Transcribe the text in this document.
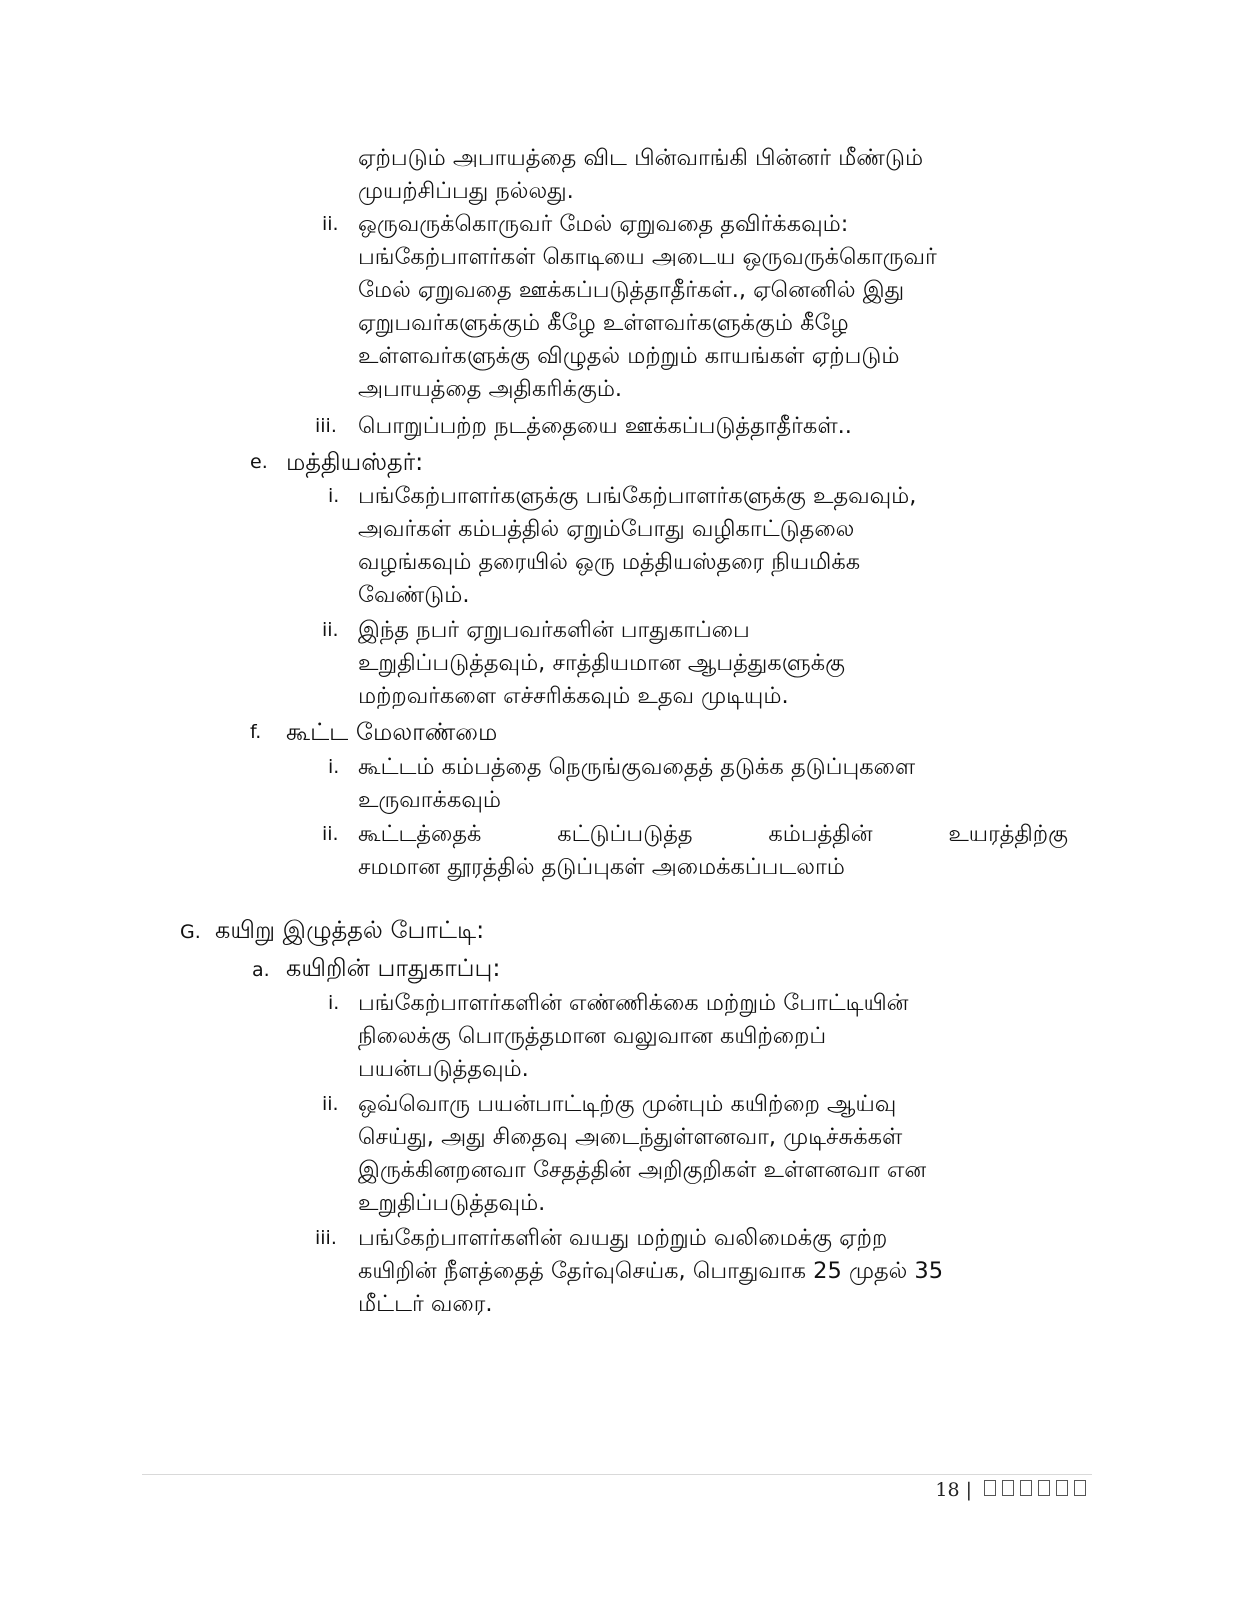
ஏற்படும் அபாயத்தை விட பின்வாங்கி பின்னர் மீண்டும்
முயற்சிப்பது நல்லது.
ii. ஒருவருக்கொருவர் மேல் ஏறுவதை தவிர்க்கவும்:
பங்கேற்பாளர்கள் கொடியை அடைய ஒருவருக்கொருவர்
மேல் ஏறுவதை ஊக்கப்படுத்தாதீர்கள்., ஏனெனில் இது
ஏறுபவர்களுக்கும் கீழே உள்ளவர்களுக்கும் கீழே
உள்ளவர்களுக்கு விழுதல் மற்றும் காயங்கள் ஏற்படும்
அபாயத்தை அதிகரிக்கும்.
iii. பொறுப்பற்ற நடத்தையை ஊக்கப்படுத்தாதீர்கள்..
e. மத்தியஸ்தர்:
i. பங்கேற்பாளர்களுக்கு பங்கேற்பாளர்களுக்கு உதவவும்,
அவர்கள் கம்பத்தில் ஏறும்போது வழிகாட்டுதலை
வழங்கவும் தரையில் ஒரு மத்தியஸ்தரை நியமிக்க
வேண்டும்.
ii. இந்த நபர் ஏறுபவர்களின் பாதுகாப்பை
உறுதிப்படுத்தவும், சாத்தியமான ஆபத்துகளுக்கு
மற்றவர்களை எச்சரிக்கவும் உதவ முடியும்.
f. கூட்ட மேலாண்மை
i. கூட்டம் கம்பத்தை நெருங்குவதைத் தடுக்க தடுப்புகளை
உருவாக்கவும்
ii. கூட்டத்தைக்	கட்டுப்படுத்த	கம்பத்தின்	உயரத்திற்கு
சமமான தூரத்தில் தடுப்புகள் அமைக்கப்படலாம்
G. கயிறு இழுத்தல் போட்டி:
a. கயிறின் பாதுகாப்பு:
i. பங்கேற்பாளர்களின் எண்ணிக்கை மற்றும் போட்டியின்
நிலைக்கு பொருத்தமான வலுவான கயிற்றைப்
பயன்படுத்தவும்.
ii. ஒவ்வொரு பயன்பாட்டிற்கு முன்பும் கயிற்றை ஆய்வு
செய்து, அது சிதைவு அடைந்துள்ளனவா, முடிச்சுக்கள்
இருக்கினறனவா சேதத்தின் அறிகுறிகள் உள்ளனவா என
உறுதிப்படுத்தவும்.
iii. பங்கேற்பாளர்களின் வயது மற்றும் வலிமைக்கு ஏற்ற
கயிறின் நீளத்தைத் தேர்வுசெய்க, பொதுவாக 25 முதல் 35
மீட்டர் வரை.
18 |
